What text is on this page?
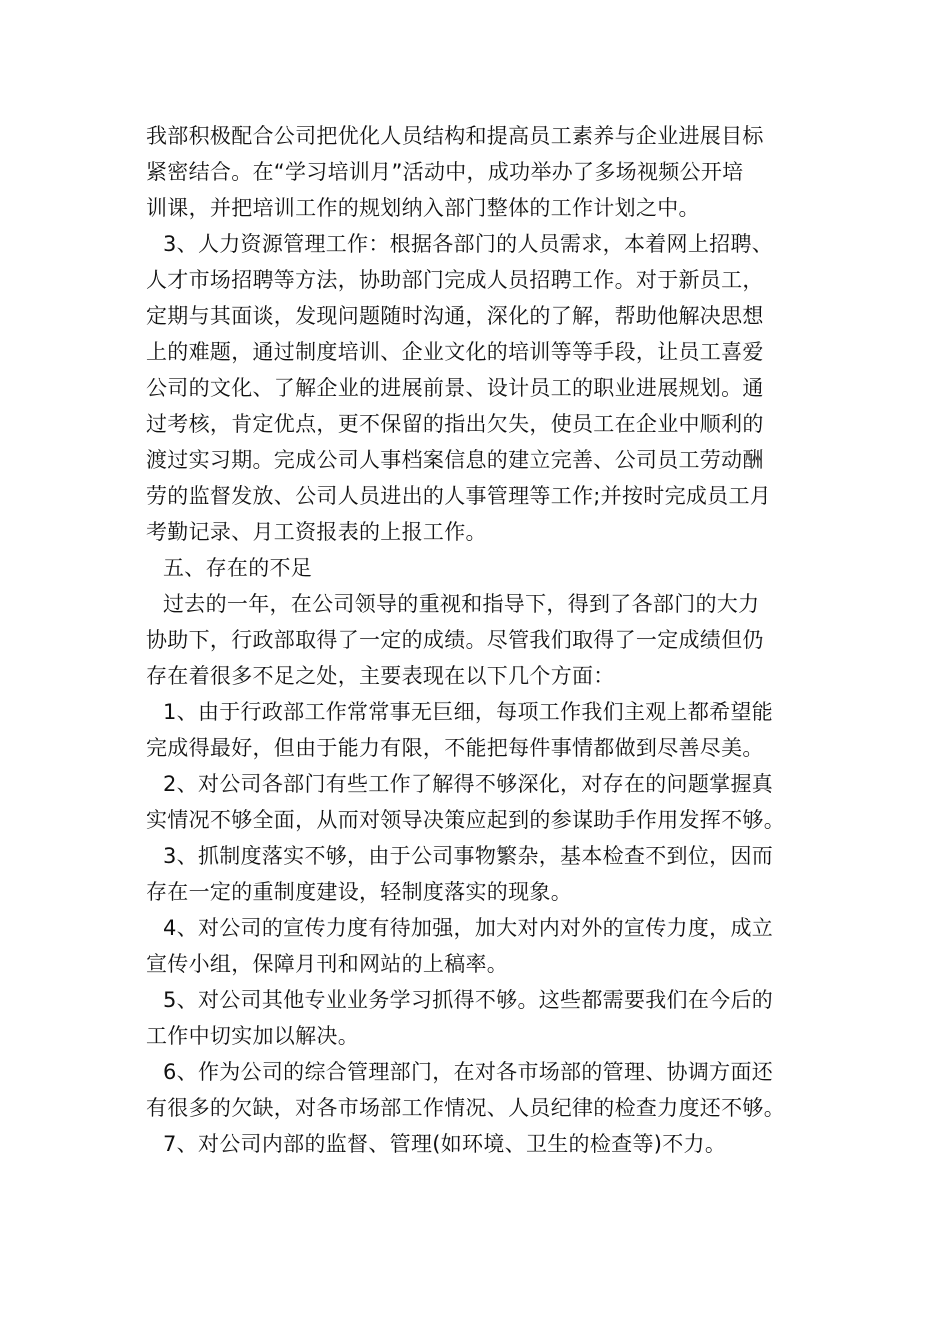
我部积极配合公司把优化人员结构和提高员工素养与企业进展目标
紧密结合。在“学习培训月”活动中，成功举办了多场视频公开培
训课，并把培训工作的规划纳入部门整体的工作计划之中。
3、人力资源管理工作：根据各部门的人员需求，本着网上招聘、
人才市场招聘等方法，协助部门完成人员招聘工作。对于新员工，
定期与其面谈，发现问题随时沟通，深化的了解，帮助他解决思想
上的难题，通过制度培训、企业文化的培训等等手段，让员工喜爱
公司的文化、了解企业的进展前景、设计员工的职业进展规划。通
过考核，肯定优点，更不保留的指出欠失，使员工在企业中顺利的
渡过实习期。完成公司人事档案信息的建立完善、公司员工劳动酬
劳的监督发放、公司人员进出的人事管理等工作;并按时完成员工月
考勤记录、月工资报表的上报工作。
五、存在的不足
过去的一年，在公司领导的重视和指导下，得到了各部门的大力
协助下，行政部取得了一定的成绩。尽管我们取得了一定成绩但仍
存在着很多不足之处，主要表现在以下几个方面：
1、由于行政部工作常常事无巨细，每项工作我们主观上都希望能
完成得最好，但由于能力有限，不能把每件事情都做到尽善尽美。
2、对公司各部门有些工作了解得不够深化，对存在的问题掌握真
实情况不够全面，从而对领导决策应起到的参谋助手作用发挥不够。
3、抓制度落实不够，由于公司事物繁杂，基本检查不到位，因而
存在一定的重制度建设，轻制度落实的现象。
4、对公司的宣传力度有待加强，加大对内对外的宣传力度，成立
宣传小组，保障月刊和网站的上稿率。
5、对公司其他专业业务学习抓得不够。这些都需要我们在今后的
工作中切实加以解决。
6、作为公司的综合管理部门，在对各市场部的管理、协调方面还
有很多的欠缺，对各市场部工作情况、人员纪律的检查力度还不够。
7、对公司内部的监督、管理(如环境、卫生的检查等)不力。
